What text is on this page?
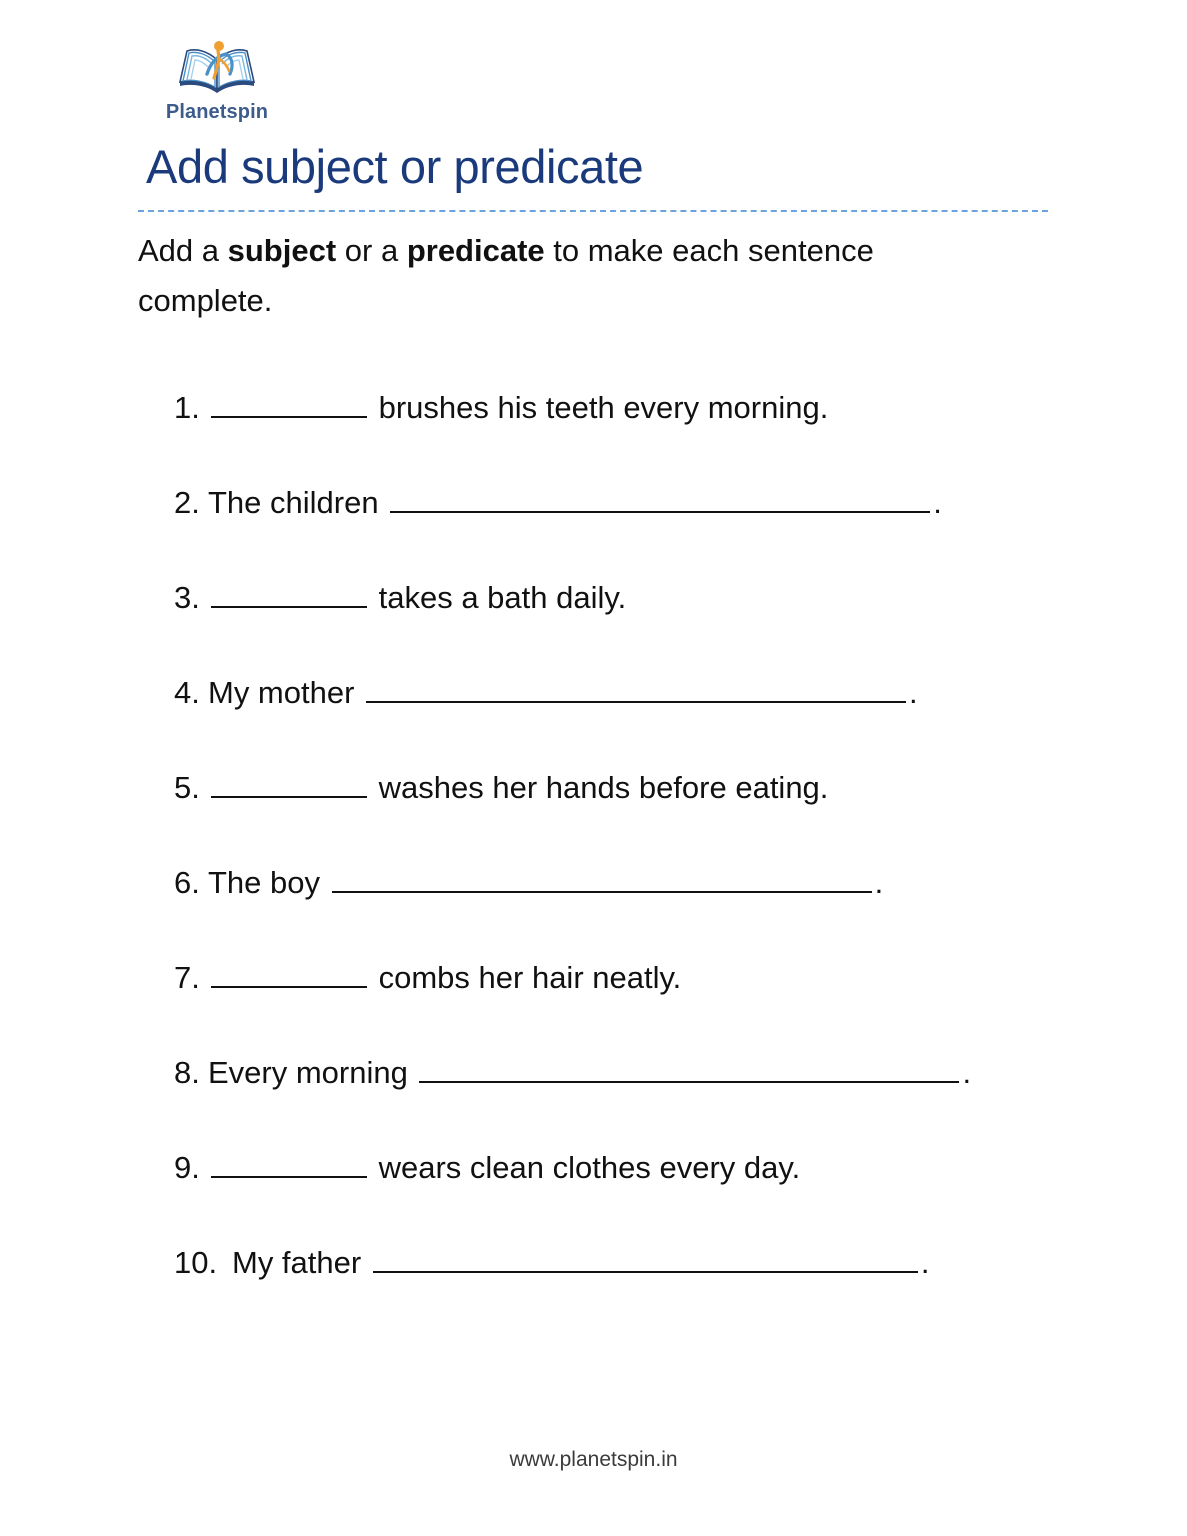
Planetspin
Add subject or predicate
Add a subject or a predicate to make each sentence complete.
1.	brushes his teeth every morning.
2. The children	.
3.	takes a bath daily.
4. My mother	.
5.	washes her hands before eating.
6. The boy	.
7.	combs her hair neatly.
8. Every morning	.
9.	wears clean clothes every day.
10. My father	.
www.planetspin.in
